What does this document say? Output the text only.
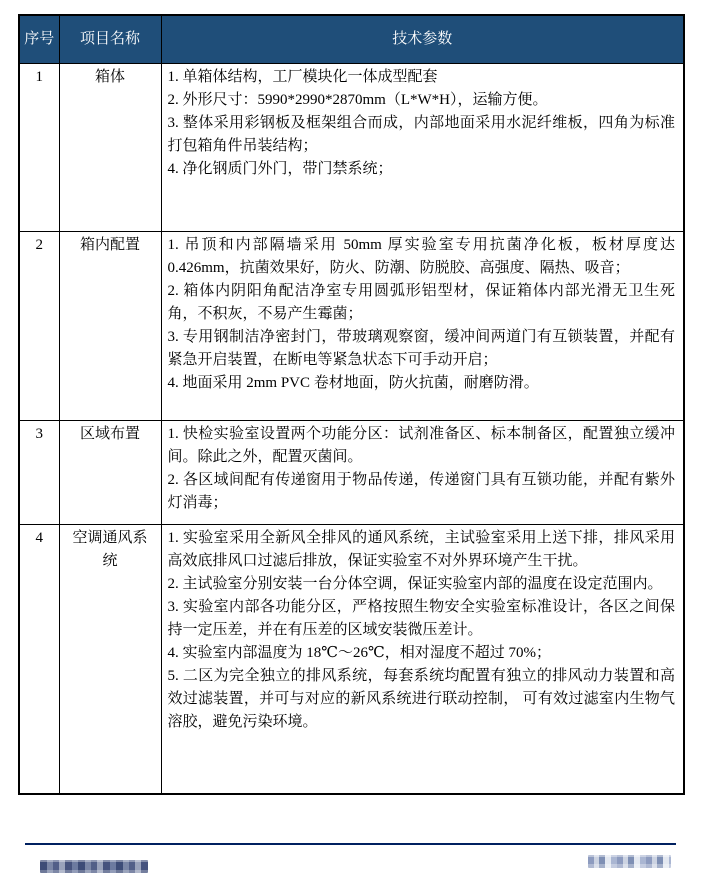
序号	项目名称	技术参数
1	箱体	1. 单箱体结构，工厂模块化一体成型配套

2. 外形尺寸：5990*2990*2870mm（L*W*H），运输方便。

3. 整体采用彩钢板及框架组合而成，内部地面采用水泥纤维板，四角为标准打包箱角件吊装结构；

4. 净化钢质门外门，带门禁系统；

2	箱内配置	1. 吊顶和内部隔墙采用 50mm 厚实验室专用抗菌净化板，板材厚度达 0.426mm，抗菌效果好，防火、防潮、防脱胶、高强度、隔热、吸音；

2. 箱体内阴阳角配洁净室专用圆弧形铝型材，保证箱体内部光滑无卫生死角，不积灰，不易产生霉菌；

3. 专用钢制洁净密封门，带玻璃观察窗，缓冲间两道门有互锁装置，并配有紧急开启装置，在断电等紧急状态下可手动开启；

4. 地面采用 2mm PVC 卷材地面，防火抗菌，耐磨防滑。

3	区域布置	1. 快检实验室设置两个功能分区：试剂准备区、标本制备区，配置独立缓冲间。除此之外，配置灭菌间。

2. 各区域间配有传递窗用于物品传递，传递窗门具有互锁功能，并配有紫外灯消毒；

4	空调通风系统	1. 实验室采用全新风全排风的通风系统，主试验室采用上送下排，排风采用高效底排风口过滤后排放，保证实验室不对外界环境产生干扰。

2. 主试验室分别安装一台分体空调，保证实验室内部的温度在设定范围内。

3. 实验室内部各功能分区，严格按照生物安全实验室标准设计，各区之间保持一定压差，并在有压差的区域安装微压差计。

4. 实验室内部温度为 18℃～26℃，相对湿度不超过 70%；

5. 二区为完全独立的排风系统，每套系统均配置有独立的排风动力装置和高效过滤装置，并可与对应的新风系统进行联动控制， 可有效过滤室内生物气溶胶，避免污染环境。
